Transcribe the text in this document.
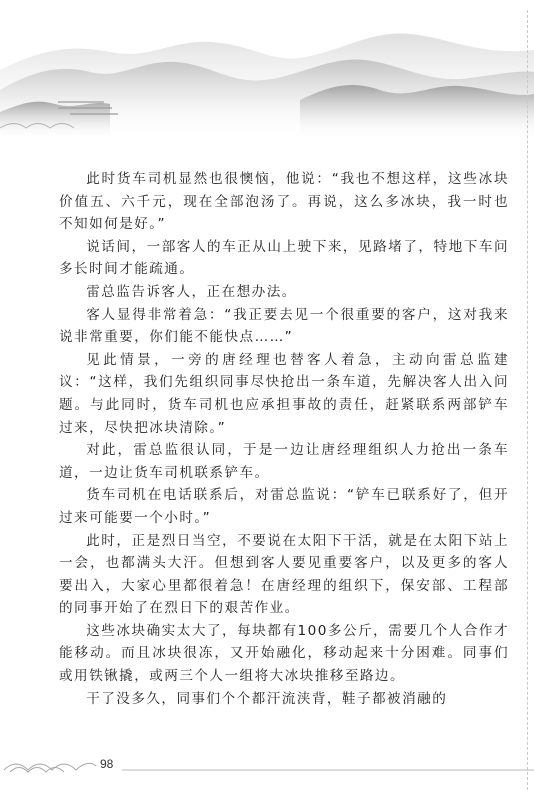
此时货车司机显然也很懊恼，他说：“我也不想这样，这些冰块价值五、六千元，现在全部泡汤了。再说，这么多冰块，我一时也不知如何是好。”

说话间，一部客人的车正从山上驶下来，见路堵了，特地下车问多长时间才能疏通。

雷总监告诉客人，正在想办法。

客人显得非常着急：“我正要去见一个很重要的客户，这对我来说非常重要，你们能不能快点……”

见此情景，一旁的唐经理也替客人着急，主动向雷总监建议：“这样，我们先组织同事尽快抢出一条车道，先解决客人出入问题。与此同时，货车司机也应承担事故的责任，赶紧联系两部铲车过来，尽快把冰块清除。”

对此，雷总监很认同，于是一边让唐经理组织人力抢出一条车道，一边让货车司机联系铲车。

货车司机在电话联系后，对雷总监说：“铲车已联系好了，但开过来可能要一个小时。”

此时，正是烈日当空，不要说在太阳下干活，就是在太阳下站上一会，也都满头大汗。但想到客人要见重要客户，以及更多的客人要出入，大家心里都很着急！在唐经理的组织下，保安部、工程部的同事开始了在烈日下的艰苦作业。

这些冰块确实太大了，每块都有100多公斤，需要几个人合作才能移动。而且冰块很冻，又开始融化，移动起来十分困难。同事们或用铁锹撬，或两三个人一组将大冰块推移至路边。

干了没多久，同事们个个都汗流浃背，鞋子都被消融的

98
